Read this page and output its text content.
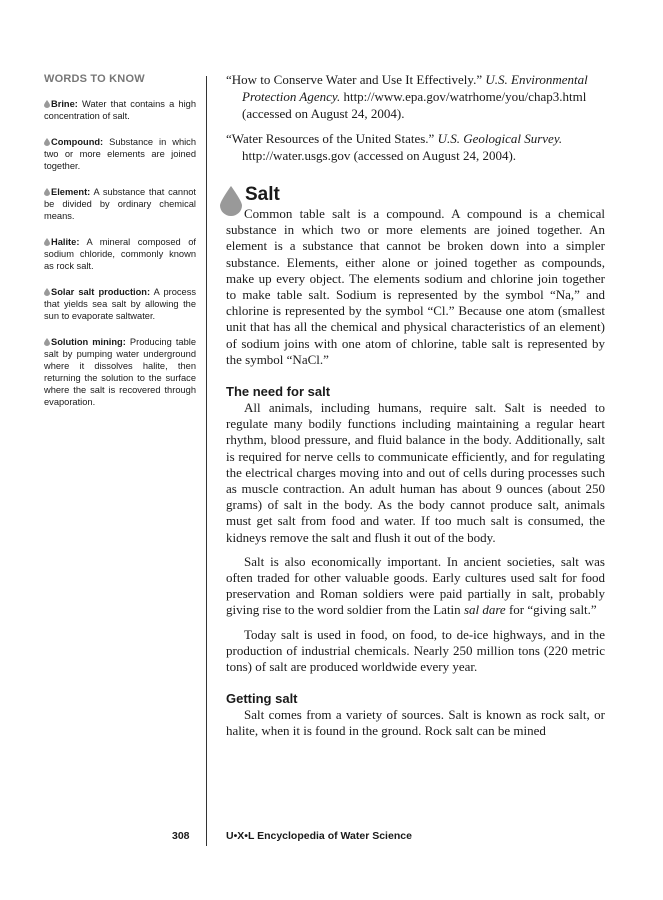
WORDS TO KNOW
Brine: Water that contains a high concentration of salt.
Compound: Substance in which two or more elements are joined together.
Element: A substance that cannot be divided by ordinary chemical means.
Halite: A mineral composed of sodium chloride, commonly known as rock salt.
Solar salt production: A process that yields sea salt by allowing the sun to evaporate saltwater.
Solution mining: Producing table salt by pumping water underground where it dissolves halite, then returning the solution to the surface where the salt is recovered through evaporation.
“How to Conserve Water and Use It Effectively.” U.S. Environmental Protection Agency. http://www.epa.gov/watrhome/you/chap3.html (accessed on August 24, 2004).
“Water Resources of the United States.” U.S. Geological Survey. http://water.usgs.gov (accessed on August 24, 2004).
Salt

Common table salt is a compound. A compound is a chemical substance in which two or more elements are joined together. An element is a substance that cannot be broken down into a simpler substance. Elements, either alone or joined together as compounds, make up every object. The elements sodium and chlorine join together to make table salt. Sodium is represented by the symbol “Na,” and chlorine is represented by the symbol “Cl.” Because one atom (smallest unit that has all the chemical and physical characteristics of an element) of sodium joins with one atom of chlorine, table salt is represented by the symbol “NaCl.”

The need for salt

All animals, including humans, require salt. Salt is needed to regulate many bodily functions including maintaining a regular heart rhythm, blood pressure, and fluid balance in the body. Additionally, salt is required for nerve cells to communicate efficiently, and for regulating the electrical charges moving into and out of cells during processes such as muscle contraction. An adult human has about 9 ounces (about 250 grams) of salt in the body. As the body cannot produce salt, animals must get salt from food and water. If too much salt is consumed, the kidneys remove the salt and flush it out of the body.

Salt is also economically important. In ancient societies, salt was often traded for other valuable goods. Early cultures used salt for food preservation and Roman soldiers were paid partially in salt, probably giving rise to the word soldier from the Latin sal dare for “giving salt.”

Today salt is used in food, on food, to de-ice highways, and in the production of industrial chemicals. Nearly 250 million tons (220 metric tons) of salt are produced worldwide every year.

Getting salt

Salt comes from a variety of sources. Salt is known as rock salt, or halite, when it is found in the ground. Rock salt can be mined

308	U•X•L Encyclopedia of Water Science
